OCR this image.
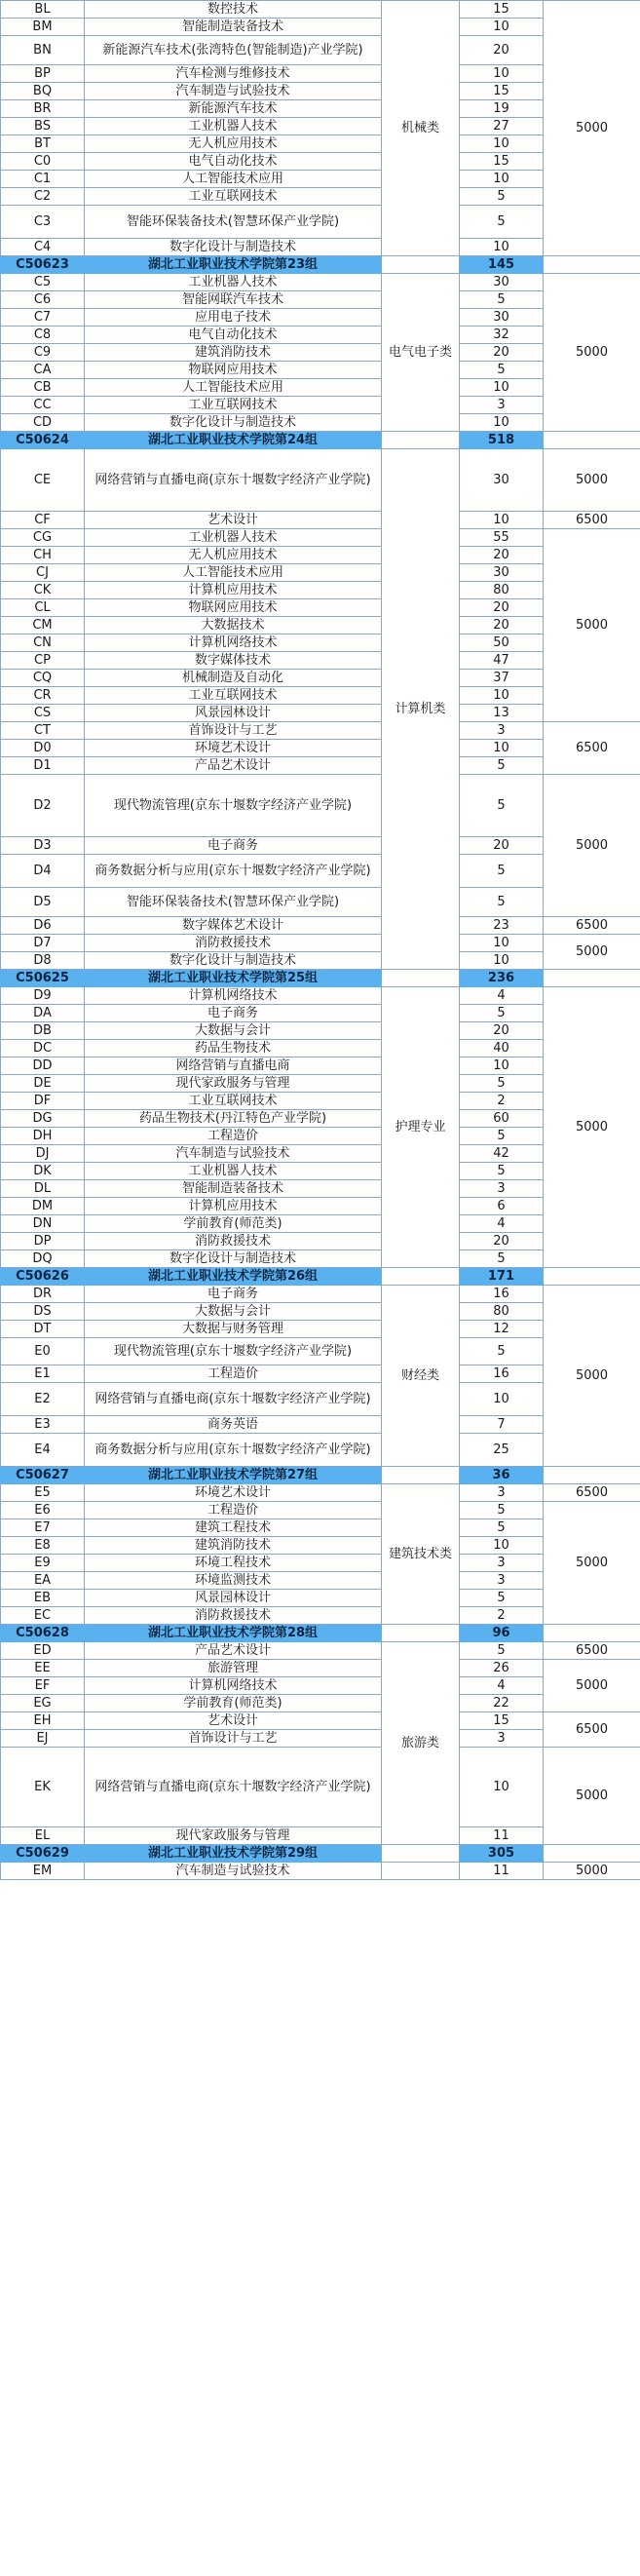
BL	数控技术	机械类	15	5000
BM	智能制造装备技术		10	
BN	新能源汽车技术(张湾特色(智能制造)产业学院)		20	
BP	汽车检测与维修技术		10	
BQ	汽车制造与试验技术		15	
BR	新能源汽车技术		19	
BS	工业机器人技术		27	
BT	无人机应用技术		10	
C0	电气自动化技术		15	
C1	人工智能技术应用		10	
C2	工业互联网技术		5	
C3	智能环保装备技术(智慧环保产业学院)		5	
C4	数字化设计与制造技术		10	
C50623	湖北工业职业技术学院第23组		145	
C5	工业机器人技术	电气电子类	30	5000
C6	智能网联汽车技术		5	
C7	应用电子技术		30	
C8	电气自动化技术		32	
C9	建筑消防技术		20	
CA	物联网应用技术		5	
CB	人工智能技术应用		10	
CC	工业互联网技术		3	
CD	数字化设计与制造技术		10	
C50624	湖北工业职业技术学院第24组		518	
CE	网络营销与直播电商(京东十堰数字经济产业学院)	计算机类	30	5000
CF	艺术设计		10	6500
CG	工业机器人技术		55	5000
CH	无人机应用技术		20	
CJ	人工智能技术应用		30	
CK	计算机应用技术		80	
CL	物联网应用技术		20	
CM	大数据技术		20	
CN	计算机网络技术		50	
CP	数字媒体技术		47	
CQ	机械制造及自动化		37	
CR	工业互联网技术		10	
CS	风景园林设计		13	
CT	首饰设计与工艺		3	6500
D0	环境艺术设计		10	
D1	产品艺术设计		5	
D2	现代物流管理(京东十堰数字经济产业学院)		5	5000
D3	电子商务		20	
D4	商务数据分析与应用(京东十堰数字经济产业学院)		5	
D5	智能环保装备技术(智慧环保产业学院)		5	
D6	数字媒体艺术设计		23	6500
D7	消防救援技术		10	5000
D8	数字化设计与制造技术		10	
C50625	湖北工业职业技术学院第25组		236	
D9	计算机网络技术	护理专业	4	5000
DA	电子商务		5	
DB	大数据与会计		20	
DC	药品生物技术		40	
DD	网络营销与直播电商		10	
DE	现代家政服务与管理		5	
DF	工业互联网技术		2	
DG	药品生物技术(丹江特色产业学院)		60	
DH	工程造价		5	
DJ	汽车制造与试验技术		42	
DK	工业机器人技术		5	
DL	智能制造装备技术		3	
DM	计算机应用技术		6	
DN	学前教育(师范类)		4	
DP	消防救援技术		20	
DQ	数字化设计与制造技术		5	
C50626	湖北工业职业技术学院第26组		171	
DR	电子商务	财经类	16	5000
DS	大数据与会计		80	
DT	大数据与财务管理		12	
E0	现代物流管理(京东十堰数字经济产业学院)		5	
E1	工程造价		16	
E2	网络营销与直播电商(京东十堰数字经济产业学院)		10	
E3	商务英语		7	
E4	商务数据分析与应用(京东十堰数字经济产业学院)		25	
C50627	湖北工业职业技术学院第27组		36	
E5	环境艺术设计	建筑技术类	3	6500
E6	工程造价		5	5000
E7	建筑工程技术		5	
E8	建筑消防技术		10	
E9	环境工程技术		3	
EA	环境监测技术		3	
EB	风景园林设计		5	
EC	消防救援技术		2	
C50628	湖北工业职业技术学院第28组		96	
ED	产品艺术设计	旅游类	5	6500
EE	旅游管理		26	5000
EF	计算机网络技术		4	
EG	学前教育(师范类)		22	
EH	艺术设计		15	6500
EJ	首饰设计与工艺		3	
EK	网络营销与直播电商(京东十堰数字经济产业学院)		10	5000
EL	现代家政服务与管理		11	
C50629	湖北工业职业技术学院第29组		305	
EM	汽车制造与试验技术		11	5000
